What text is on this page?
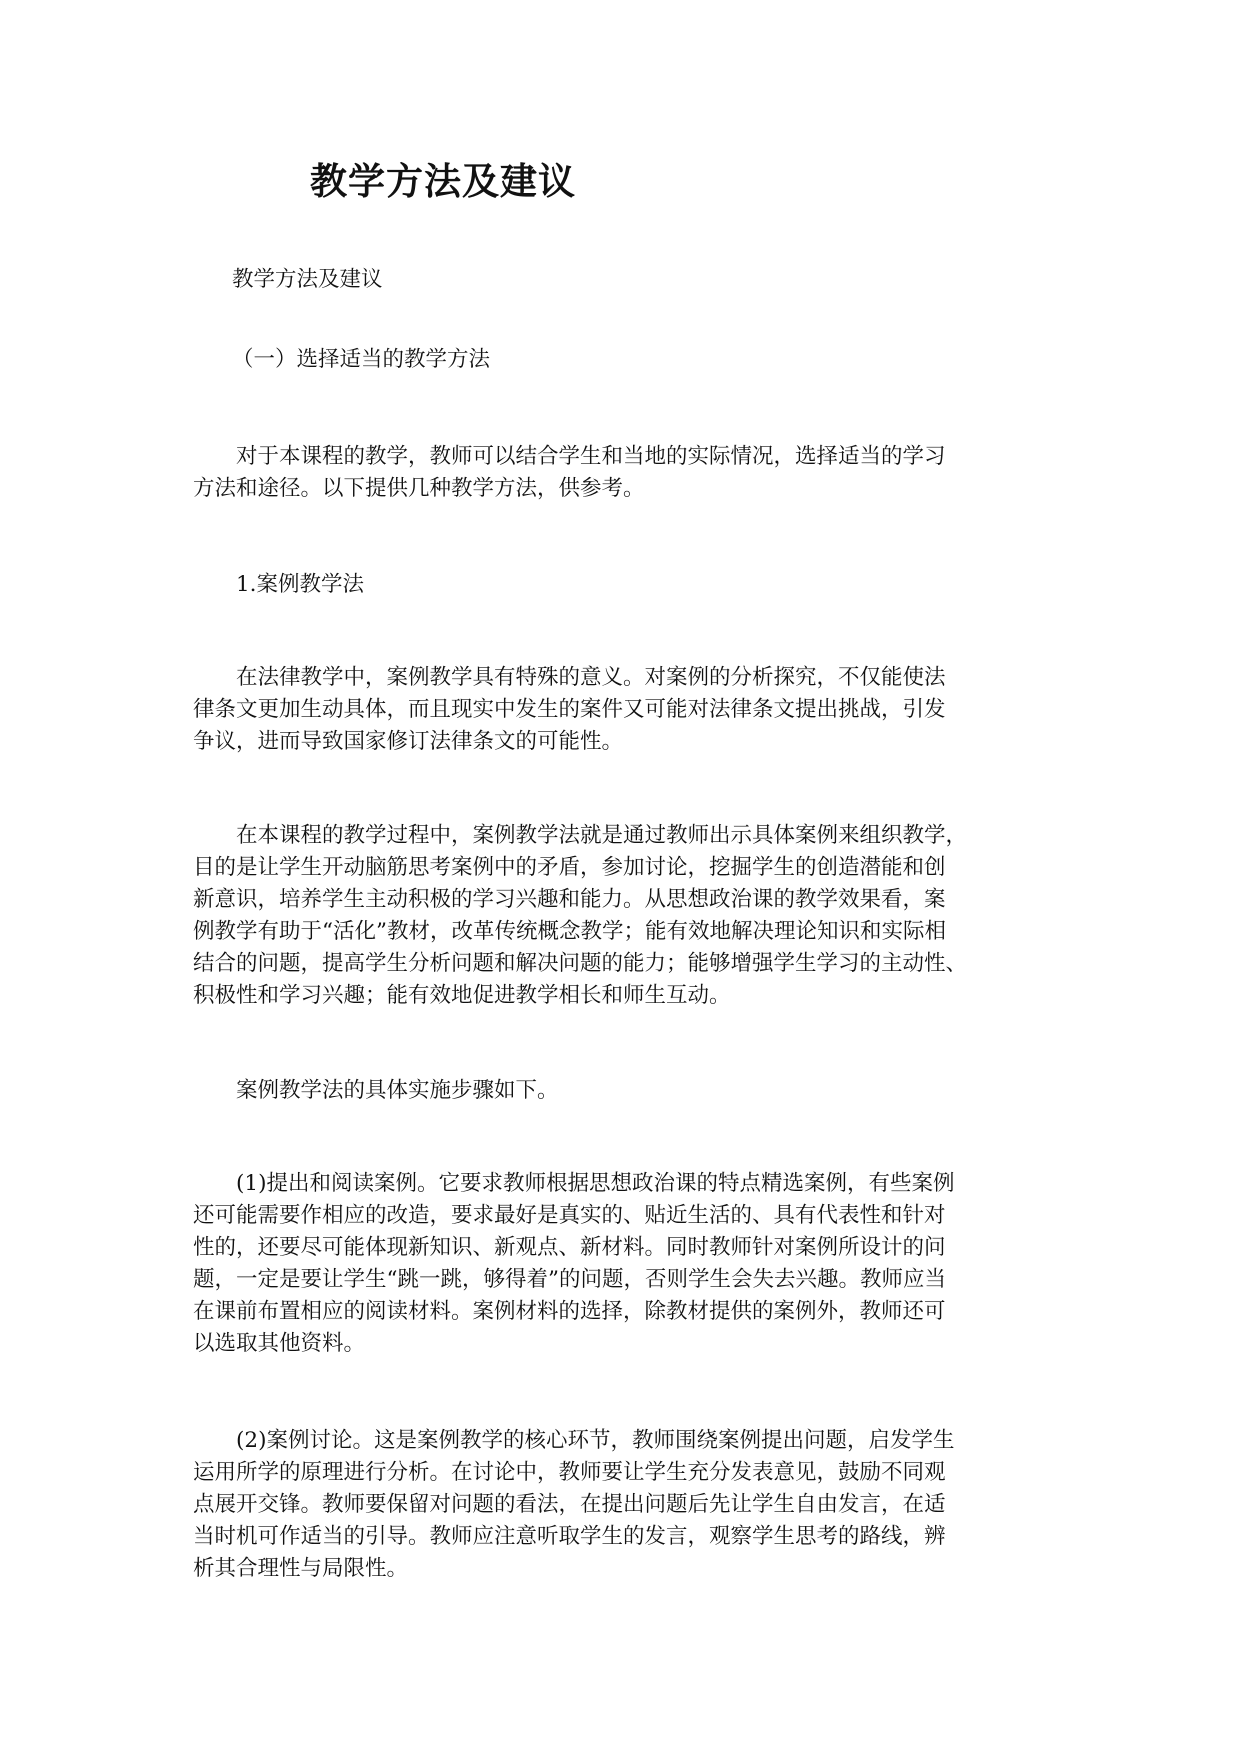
教学方法及建议

教学方法及建议

（一）选择适当的教学方法

　　对于本课程的教学，教师可以结合学生和当地的实际情况，选择适当的学习
方法和途径。以下提供几种教学方法，供参考。

　　1.案例教学法

　　在法律教学中，案例教学具有特殊的意义。对案例的分析探究，不仅能使法
律条文更加生动具体，而且现实中发生的案件又可能对法律条文提出挑战，引发
争议，进而导致国家修订法律条文的可能性。

　　在本课程的教学过程中，案例教学法就是通过教师出示具体案例来组织教学，
目的是让学生开动脑筋思考案例中的矛盾，参加讨论，挖掘学生的创造潜能和创
新意识，培养学生主动积极的学习兴趣和能力。从思想政治课的教学效果看，案
例教学有助于“活化”教材，改革传统概念教学；能有效地解决理论知识和实际相
结合的问题，提高学生分析问题和解决问题的能力；能够增强学生学习的主动性、
积极性和学习兴趣；能有效地促进教学相长和师生互动。

　　案例教学法的具体实施步骤如下。

　　(1)提出和阅读案例。它要求教师根据思想政治课的特点精选案例，有些案例
还可能需要作相应的改造，要求最好是真实的、贴近生活的、具有代表性和针对
性的，还要尽可能体现新知识、新观点、新材料。同时教师针对案例所设计的问
题，一定是要让学生“跳一跳，够得着”的问题，否则学生会失去兴趣。教师应当
在课前布置相应的阅读材料。案例材料的选择，除教材提供的案例外，教师还可
以选取其他资料。

　　(2)案例讨论。这是案例教学的核心环节，教师围绕案例提出问题，启发学生
运用所学的原理进行分析。在讨论中，教师要让学生充分发表意见，鼓励不同观
点展开交锋。教师要保留对问题的看法，在提出问题后先让学生自由发言，在适
当时机可作适当的引导。教师应注意听取学生的发言，观察学生思考的路线，辨
析其合理性与局限性。
